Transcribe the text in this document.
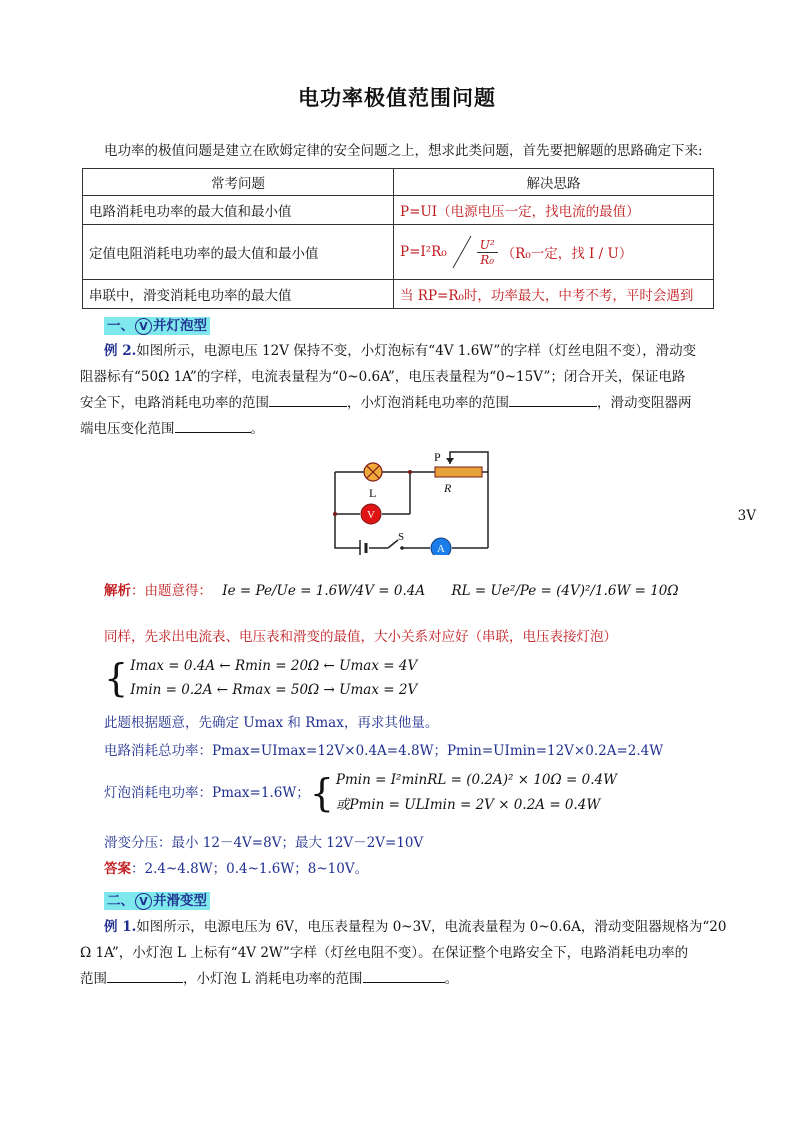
电功率极值范围问题
电功率的极值问题是建立在欧姆定律的安全问题之上，想求此类问题，首先要把解题的思路确定下来:
常考问题	解决思路
电路消耗电功率的最大值和最小值	P=UI（电源电压一定，找电流的最值）
定值电阻消耗电功率的最大值和最小值	$P=I^2R_0 \frac{\text{U²}}{\text{R₀}} (R_0$一定，找 I / U）

串联中，滑变消耗电功率的最大值	当 RP=R₀时，功率最大，中考不考，平时会遇到
一、 V 并灯泡型
例 2.如图所示，电源电压 12V 保持不变，小灯泡标有“4V 1.6W”的字样（灯丝电阻不变），滑动变
阻器标有“50Ω 1A”的字样，电流表量程为“0~0.6A”，电压表量程为“0~15V”；闭合开关，保证电路
安全下，电路消耗电功率的范围	，小灯泡消耗电功率的范围	，滑动变阻器两
端电压变化范围	。
V
A
P
R
L
S
3V
解析：由题意得： Ie = Pe/Ue = 1.6W/4V = 0.4A RL = Ue²/Pe = (4V)²/1.6W = 10Ω
同样，先求出电流表、电压表和滑变的最值，大小关系对应好（串联，电压表接灯泡）
{ Imax = 0.4A ← Rmin = 20Ω ← Umax = 4V
Imin = 0.2A ← Rmax = 50Ω → Umax = 2V
此题根据题意，先确定 Umax 和 Rmax，再求其他量。
电路消耗总功率：Pmax=UImax=12V×0.4A=4.8W；Pmin=UImin=12V×0.2A=2.4W
灯泡消耗电功率：Pmax=1.6W； { Pmin = I²minRL = (0.2A)² × 10Ω = 0.4W
或Pmin = ULImin = 2V × 0.2A = 0.4W
滑变分压：最小 12－4V=8V；最大 12V－2V=10V
答案：2.4~4.8W；0.4~1.6W；8~10V。
二、 V 并滑变型
例 1.如图所示，电源电压为 6V，电压表量程为 0~3V，电流表量程为 0~0.6A，滑动变阻器规格为“20
Ω 1A”，小灯泡 L 上标有“4V 2W”字样（灯丝电阻不变）。在保证整个电路安全下，电路消耗电功率的
范围	，小灯泡 L 消耗电功率的范围	。
